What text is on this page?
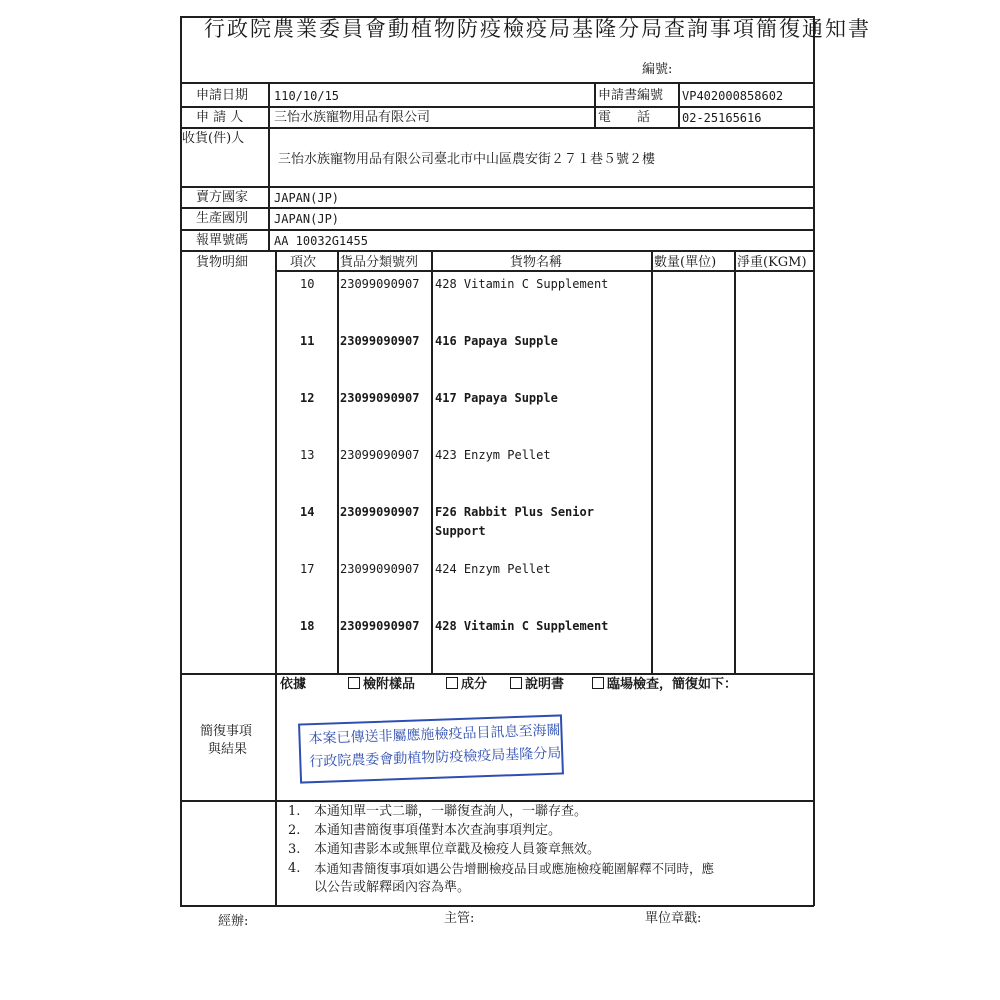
行政院農業委員會動植物防疫檢疫局基隆分局查詢事項簡復通知書
編號:
申請日期 110/10/15	申請書編號 VP402000858602
申 請 人 三怡水族寵物用品有限公司	電　　話	02-25165616
收貨(件)人
三怡水族寵物用品有限公司臺北市中山區農安街２７１巷５號２樓
賣方國家 JAPAN(JP)
生產國別 JAPAN(JP)
報單號碼 AA 10032G1455
貨物明細	項次 貨品分類號列	貨物名稱	數量(單位) 淨重(KGM)
10 23099090907 428 Vitamin C Supplement
11 23099090907 416 Papaya Supple
12 23099090907 417 Papaya Supple
13 23099090907 423 Enzym Pellet
14 23099090907 F26 Rabbit Plus Senior
Support
17 23099090907 424 Enzym Pellet
18 23099090907 428 Vitamin C Supplement
簡復事項
與結果
依據	檢附樣品	成分	說明書	臨場檢查，簡復如下：
本案已傳送非屬應施檢疫品目訊息至海關
行政院農委會動植物防疫檢疫局基隆分局
1. 本通知單一式二聯，一聯復查詢人，一聯存查。
2. 本通知書簡復事項僅對本次查詢事項判定。
3. 本通知書影本或無單位章戳及檢疫人員簽章無效。
4. 本通知書簡復事項如遇公告增刪檢疫品目或應施檢疫範圍解釋不同時，應
以公告或解釋函內容為準。
經辦:	主管:	單位章戳:
